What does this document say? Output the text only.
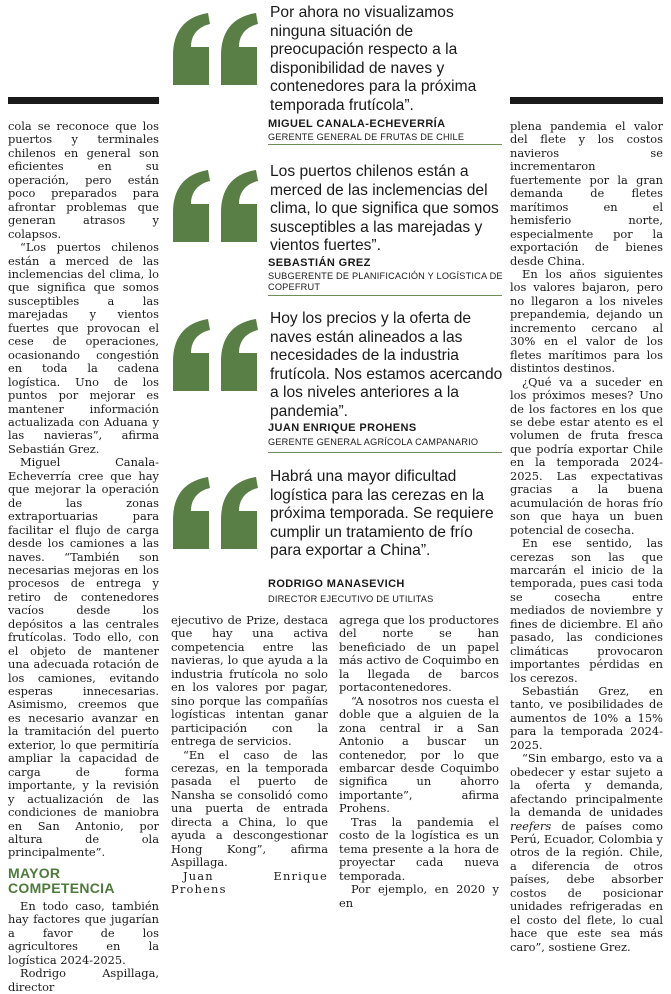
Por ahora no visualizamos ninguna situación de preocupación respecto a la disponibilidad de naves y contenedores para la próxima temporada frutícola”.
MIGUEL CANALA-ECHEVERRÍA
GERENTE GENERAL DE FRUTAS DE CHILE
Los puertos chilenos están a merced de las inclemencias del clima, lo que significa que somos susceptibles a las marejadas y vientos fuertes”.
SEBASTIÁN GREZ
SUBGERENTE DE PLANIFICACIÓN Y LOGÍSTICA DE COPEFRUT
Hoy los precios y la oferta de naves están alineados a las necesidades de la industria frutícola. Nos estamos acercando a los niveles anteriores a la pandemia”.
JUAN ENRIQUE PROHENS
GERENTE GENERAL AGRÍCOLA CAMPANARIO
Habrá una mayor dificultad logística para las cerezas en la próxima temporada. Se requiere cumplir un tratamiento de frío para exportar a China”.
RODRIGO MANASEVICH
DIRECTOR EJECUTIVO DE UTILITAS

cola se reconoce que los puertos y terminales chilenos en general son eficientes en su operación, pero están poco preparados para afrontar problemas que generan atrasos y colapsos.

“Los puertos chilenos están a merced de las inclemencias del clima, lo que significa que somos susceptibles a las marejadas y vientos fuertes que provocan el cese de operaciones, ocasionando congestión en toda la cadena logística. Uno de los puntos por mejorar es mantener información actualizada con Aduana y las navieras”, afirma Sebastián Grez.

Miguel Canala-Echeverría cree que hay que mejorar la operación de las zonas extraportuarias para facilitar el flujo de carga desde los camiones a las naves. “También son necesarias mejoras en los procesos de entrega y retiro de contenedores vacíos desde los depósitos a las centrales frutícolas. Todo ello, con el objeto de mantener una adecuada rotación de los camiones, evitando esperas innecesarias. Asimismo, creemos que es necesario avanzar en la tramitación del puerto exterior, lo que permitiría ampliar la capacidad de carga de forma importante, y la revisión y actualización de las condiciones de maniobra en San Antonio, por altura de ola principalmente”.

MAYOR COMPETENCIA

En todo caso, también hay factores que jugarían a favor de los agricultores en la logística 2024-2025.

Rodrigo Aspillaga, director

ejecutivo de Prize, destaca que hay una activa competencia entre las navieras, lo que ayuda a la industria frutícola no solo en los valores por pagar, sino porque las compañías logísticas intentan ganar participación con la entrega de servicios.

“En el caso de las cerezas, en la temporada pasada el puerto de Nansha se consolidó como una puerta de entrada directa a China, lo que ayuda a descongestionar Hong Kong”, afirma Aspillaga.

Juan Enrique Prohens

agrega que los productores del norte se han beneficiado de un papel más activo de Coquimbo en la llegada de barcos portacontenedores.

“A nosotros nos cuesta el doble que a alguien de la zona central ir a San Antonio a buscar un contenedor, por lo que embarcar desde Coquimbo significa un ahorro importante”, afirma Prohens.

Tras la pandemia el costo de la logística es un tema presente a la hora de proyectar cada nueva temporada.

Por ejemplo, en 2020 y en

plena pandemia el valor del flete y los costos navieros se incrementaron fuertemente por la gran demanda de fletes marítimos en el hemisferio norte, especialmente por la exportación de bienes desde China.

En los años siguientes los valores bajaron, pero no llegaron a los niveles prepandemia, dejando un incremento cercano al 30% en el valor de los fletes marítimos para los distintos destinos.

¿Qué va a suceder en los próximos meses? Uno de los factores en los que se debe estar atento es el volumen de fruta fresca que podría exportar Chile en la temporada 2024-2025. Las expectativas gracias a la buena acumulación de horas frío son que haya un buen potencial de cosecha.

En ese sentido, las cerezas son las que marcarán el inicio de la temporada, pues casi toda se cosecha entre mediados de noviembre y fines de diciembre. El año pasado, las condiciones climáticas provocaron importantes pérdidas en los cerezos.

Sebastián Grez, en tanto, ve posibilidades de aumentos de 10% a 15% para la temporada 2024-2025.

“Sin embargo, esto va a obedecer y estar sujeto a la oferta y demanda, afectando principalmente la demanda de unidades reefers de países como Perú, Ecuador, Colombia y otros de la región. Chile, a diferencia de otros países, debe absorber costos de posicionar unidades refrigeradas en el costo del flete, lo cual hace que este sea más caro”, sostiene Grez.
